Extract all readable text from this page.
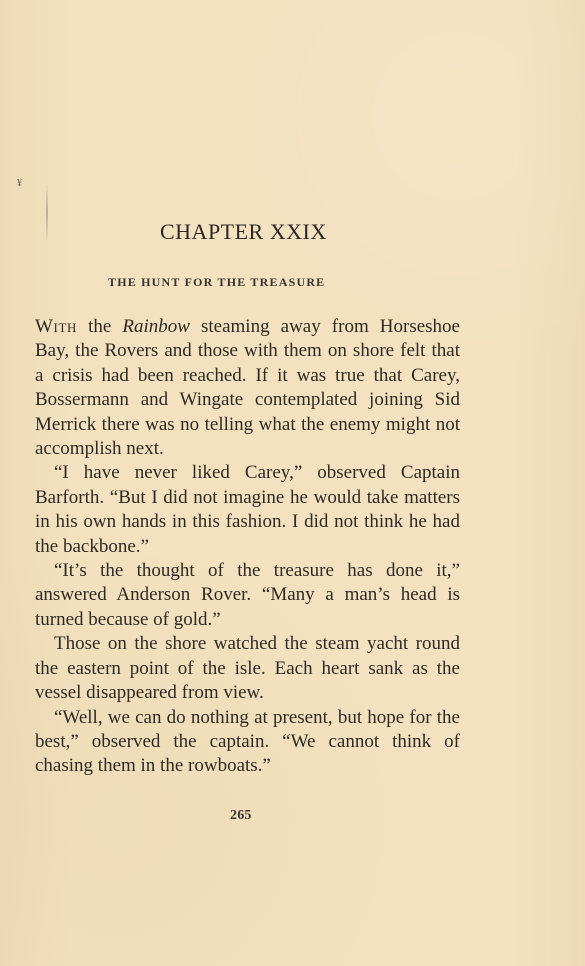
¥
CHAPTER XXIX
THE HUNT FOR THE TREASURE

With the Rainbow steaming away from Horseshoe Bay, the Rovers and those with them on shore felt that a crisis had been reached. If it was true that Carey, Bossermann and Wingate contemplated joining Sid Merrick there was no telling what the enemy might not accomplish next.

“I have never liked Carey,” observed Captain Barforth. “But I did not imagine he would take matters in his own hands in this fashion. I did not think he had the backbone.”

“It’s the thought of the treasure has done it,” answered Anderson Rover. “Many a man’s head is turned because of gold.”

Those on the shore watched the steam yacht round the eastern point of the isle. Each heart sank as the vessel disappeared from view.

“Well, we can do nothing at present, but hope for the best,” observed the captain. “We cannot think of chasing them in the rowboats.”

265
